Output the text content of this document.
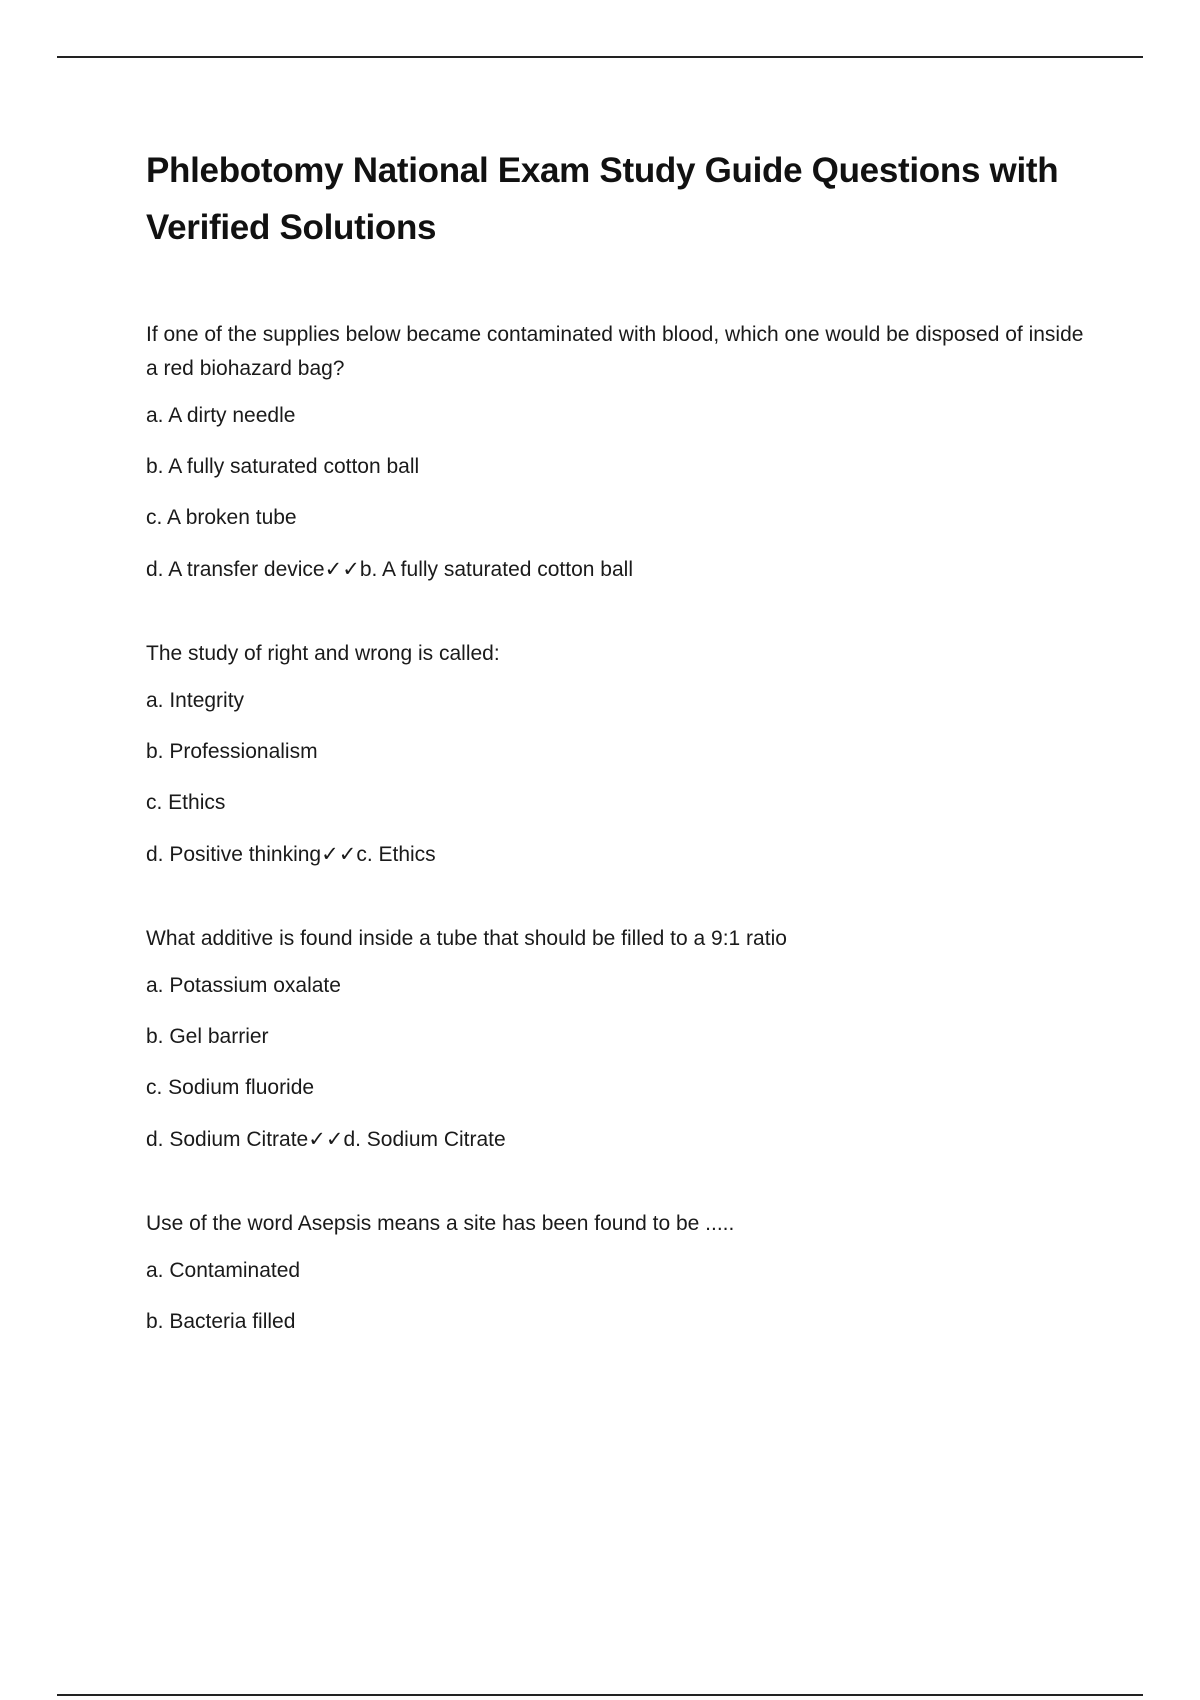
Phlebotomy National Exam Study Guide Questions with Verified Solutions

If one of the supplies below became contaminated with blood, which one would be disposed of inside a red biohazard bag?

a. A dirty needle

b. A fully saturated cotton ball

c. A broken tube

d. A transfer device✓✓b. A fully saturated cotton ball

The study of right and wrong is called:

a. Integrity

b. Professionalism

c. Ethics

d. Positive thinking✓✓c. Ethics

What additive is found inside a tube that should be filled to a 9:1 ratio

a. Potassium oxalate

b. Gel barrier

c. Sodium fluoride

d. Sodium Citrate✓✓d. Sodium Citrate

Use of the word Asepsis means a site has been found to be .....

a. Contaminated

b. Bacteria filled
